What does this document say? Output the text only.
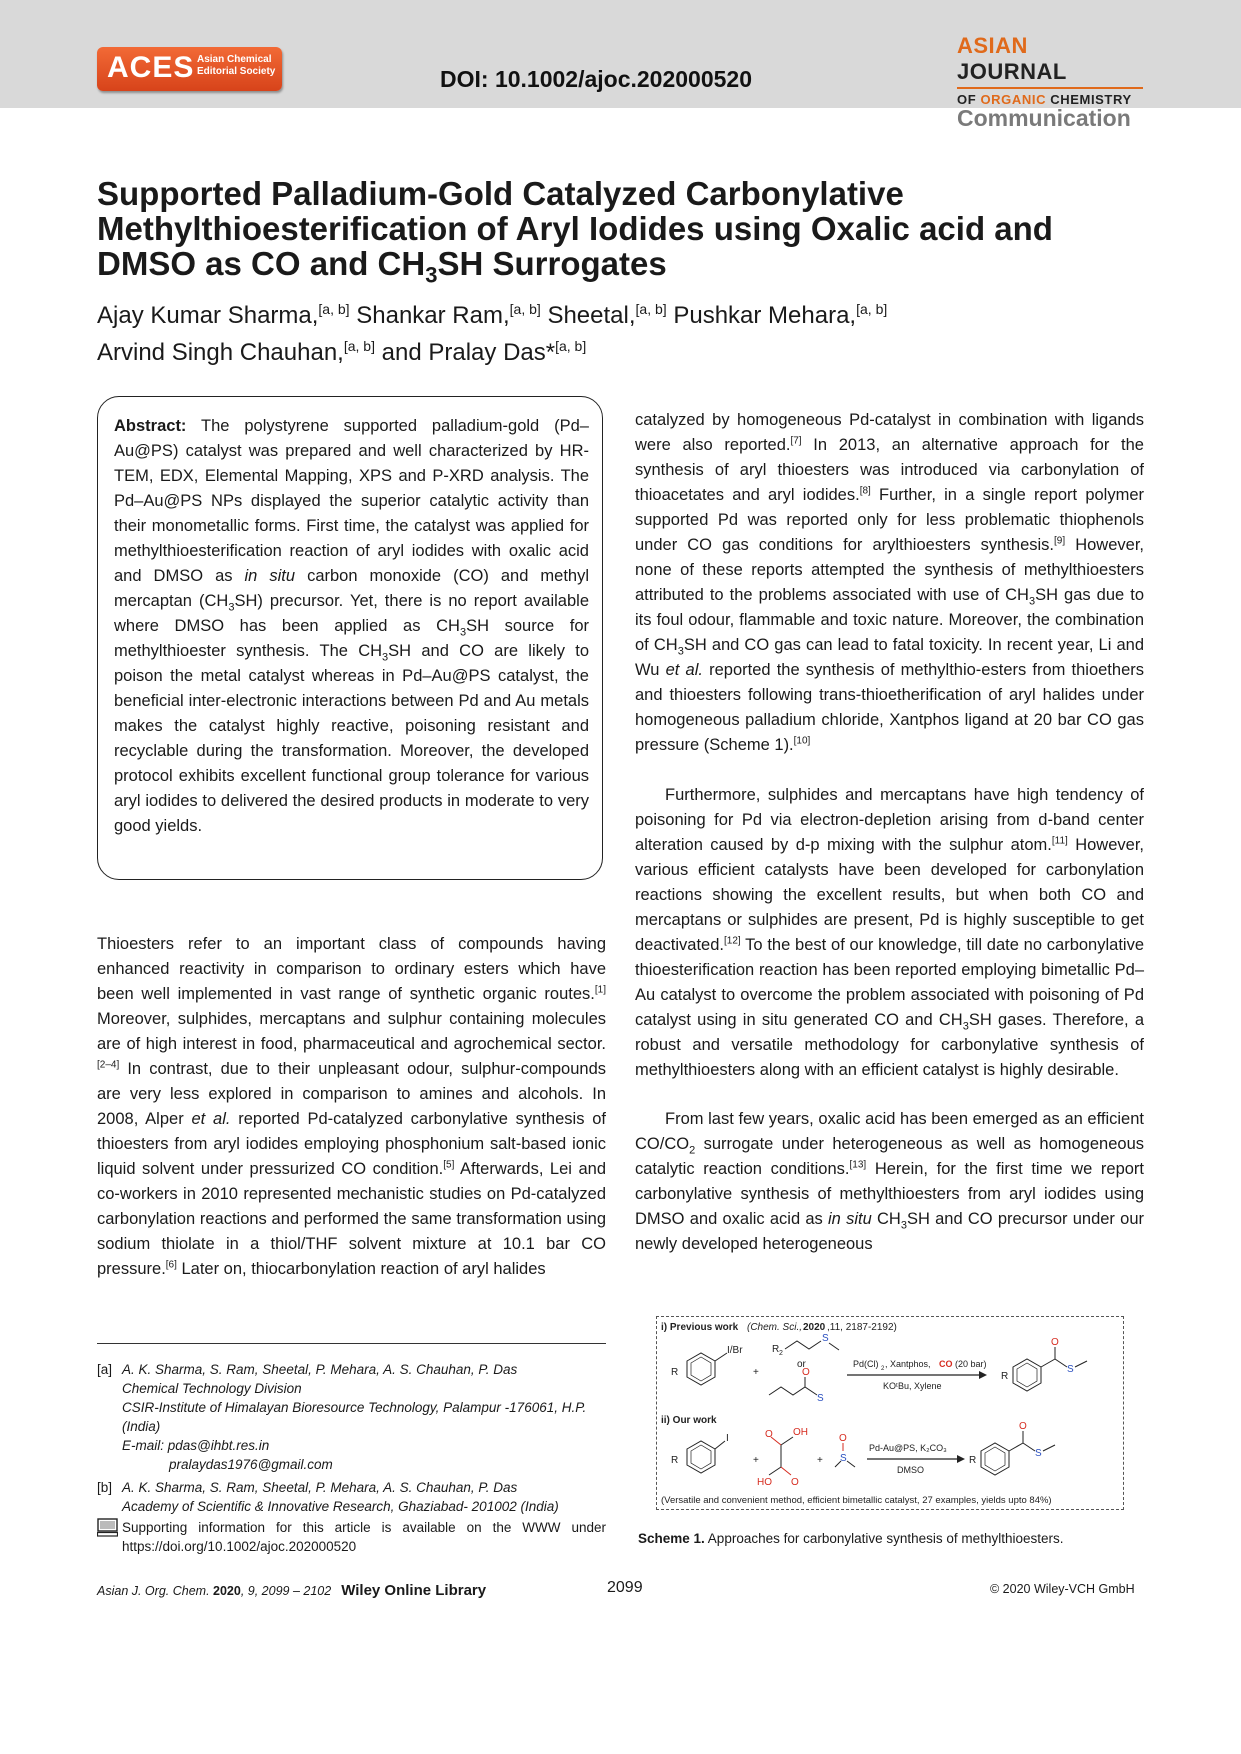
ACES Asian Chemical
Editorial Society	DOI: 10.1002/ajoc.202000520
ASIAN JOURNAL
OF ORGANIC CHEMISTRY
Communication
Supported Palladium-Gold Catalyzed Carbonylative
Methylthioesterification of Aryl Iodides using Oxalic acid and
DMSO as CO and $CH_3SH$ Surrogates
Ajay Kumar Sharma,[a, b] Shankar Ram,[a, b] Sheetal,[a, b] Pushkar Mehara,[a, b]
Arvind Singh Chauhan,[a, b] and Pralay Das*[a, b]

Abstract: The polystyrene supported palladium-gold (Pd–Au@PS) catalyst was prepared and well characterized by HR-TEM, EDX, Elemental Mapping, XPS and P-XRD analysis. The Pd–Au@PS NPs displayed the superior catalytic activity than their monometallic forms. First time, the catalyst was applied for methylthioesterification reaction of aryl iodides with oxalic acid and DMSO as in situ carbon monoxide (CO) and methyl mercaptan $(CH_3SH)$ precursor. Yet, there is no report available where DMSO has been applied as $CH_3SH$ source for methylthioester synthesis. The $CH_3SH$ and CO are likely to poison the metal catalyst whereas in Pd–Au@PS catalyst, the beneficial inter-electronic interactions between Pd and Au metals makes the catalyst highly reactive, poisoning resistant and recyclable during the transformation. Moreover, the developed protocol exhibits excellent functional group tolerance for various aryl iodides to delivered the desired products in moderate to very good yields.

Thioesters refer to an important class of compounds having enhanced reactivity in comparison to ordinary esters which have been well implemented in vast range of synthetic organic routes.[1] Moreover, sulphides, mercaptans and sulphur containing molecules are of high interest in food, pharmaceutical and agrochemical sector.[2–4] In contrast, due to their unpleasant odour, sulphur-compounds are very less explored in comparison to amines and alcohols. In 2008, Alper et al. reported Pd-catalyzed carbonylative synthesis of thioesters from aryl iodides employing phosphonium salt-based ionic liquid solvent under pressurized CO condition.[5] Afterwards, Lei and co-workers in 2010 represented mechanistic studies on Pd-catalyzed carbonylation reactions and performed the same transformation using sodium thiolate in a thiol/THF solvent mixture at 10.1 bar CO pressure.[6] Later on, thiocarbonylation reaction of aryl halides

catalyzed by homogeneous Pd-catalyst in combination with ligands were also reported.[7] In 2013, an alternative approach for the synthesis of aryl thioesters was introduced via carbonylation of thioacetates and aryl iodides.[8] Further, in a single report polymer supported Pd was reported only for less problematic thiophenols under CO gas conditions for arylthioesters synthesis.[9] However, none of these reports attempted the synthesis of methylthioesters attributed to the problems associated with use of $CH_3SH$ gas due to its foul odour, flammable and toxic nature. Moreover, the combination of $CH_3SH$ and CO gas can lead to fatal toxicity. In recent year, Li and Wu et al. reported the synthesis of methylthio-esters from thioethers and thioesters following trans-thioetherification of aryl halides under homogeneous palladium chloride, Xantphos ligand at 20 bar CO gas pressure (Scheme 1).[10]

Furthermore, sulphides and mercaptans have high tendency of poisoning for Pd via electron-depletion arising from d-band center alteration caused by d-p mixing with the sulphur atom.[11] However, various efficient catalysts have been developed for carbonylation reactions showing the excellent results, but when both CO and mercaptans or sulphides are present, Pd is highly susceptible to get deactivated.[12] To the best of our knowledge, till date no carbonylative thioesterification reaction has been reported employing bimetallic Pd–Au catalyst to overcome the problem associated with poisoning of Pd catalyst using in situ generated CO and $CH_3SH$ gases. Therefore, a robust and versatile methodology for carbonylative synthesis of methylthioesters along with an efficient catalyst is highly desirable.

From last few years, oxalic acid has been emerged as an efficient $CO/CO_2$ surrogate under heterogeneous as well as homogeneous catalytic reaction conditions.[13] Herein, for the first time we report carbonylative synthesis of methylthioesters from aryl iodides using DMSO and oxalic acid as in situ $CH_3SH$ and CO precursor under our newly developed heterogeneous

[a] A. K. Sharma, S. Ram, Sheetal, P. Mehara, A. S. Chauhan, P. Das
Chemical Technology Division
CSIR-Institute of Himalayan Bioresource Technology, Palampur -176061, H.P. (India)
E-mail: pdas@ihbt.res.in
pralaydas1976@gmail.com
[b] A. K. Sharma, S. Ram, Sheetal, P. Mehara, A. S. Chauhan, P. Das
Academy of Scientific & Innovative Research, Ghaziabad- 201002 (India)
Supporting information for this article is available on the WWW under https://doi.org/10.1002/ajoc.202000520
i) Previous work (Chem. Sci., 2020 ,11, 2187-2192)
I/Br
R	+
R 2
S
or
O
S
Pd(Cl) 2 , Xantphos, CO (20 bar)
KOᵗBu, Xylene
R
O
S
ii) Our work
R
I
+
O OH
HO O
+
O
S
Pd-Au@PS, K₂CO₃
DMSO
R
O
S
(Versatile and convenient method, efficient bimetallic catalyst, 27 examples, yields upto 84%)
Scheme 1. Approaches for carbonylative synthesis of methylthioesters.
Asian J. Org. Chem. 2020, 9, 2099 – 2102 Wiley Online Library	2099	© 2020 Wiley-VCH GmbH
